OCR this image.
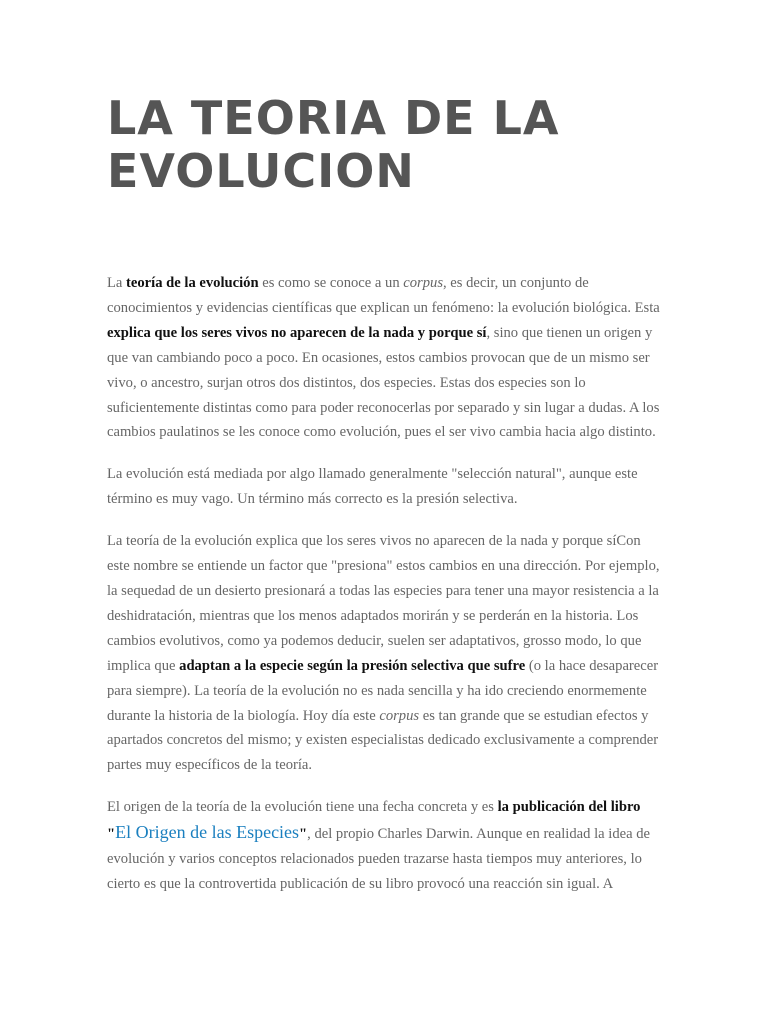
LA TEORIA DE LA EVOLUCION

La teoría de la evolución es como se conoce a un corpus, es decir, un conjunto de conocimientos y evidencias científicas que explican un fenómeno: la evolución biológica. Esta explica que los seres vivos no aparecen de la nada y porque sí, sino que tienen un origen y que van cambiando poco a poco. En ocasiones, estos cambios provocan que de un mismo ser vivo, o ancestro, surjan otros dos distintos, dos especies. Estas dos especies son lo suficientemente distintas como para poder reconocerlas por separado y sin lugar a dudas. A los cambios paulatinos se les conoce como evolución, pues el ser vivo cambia hacia algo distinto.

La evolución está mediada por algo llamado generalmente "selección natural", aunque este término es muy vago. Un término más correcto es la presión selectiva.

La teoría de la evolución explica que los seres vivos no aparecen de la nada y porque síCon este nombre se entiende un factor que "presiona" estos cambios en una dirección. Por ejemplo, la sequedad de un desierto presionará a todas las especies para tener una mayor resistencia a la deshidratación, mientras que los menos adaptados morirán y se perderán en la historia. Los cambios evolutivos, como ya podemos deducir, suelen ser adaptativos, grosso modo, lo que implica que adaptan a la especie según la presión selectiva que sufre (o la hace desaparecer para siempre). La teoría de la evolución no es nada sencilla y ha ido creciendo enormemente durante la historia de la biología. Hoy día este corpus es tan grande que se estudian efectos y apartados concretos del mismo; y existen especialistas dedicado exclusivamente a comprender partes muy específicos de la teoría.

El origen de la teoría de la evolución tiene una fecha concreta y es la publicación del libro "El Origen de las Especies", del propio Charles Darwin. Aunque en realidad la idea de evolución y varios conceptos relacionados pueden trazarse hasta tiempos muy anteriores, lo cierto es que la controvertida publicación de su libro provocó una reacción sin igual. A
